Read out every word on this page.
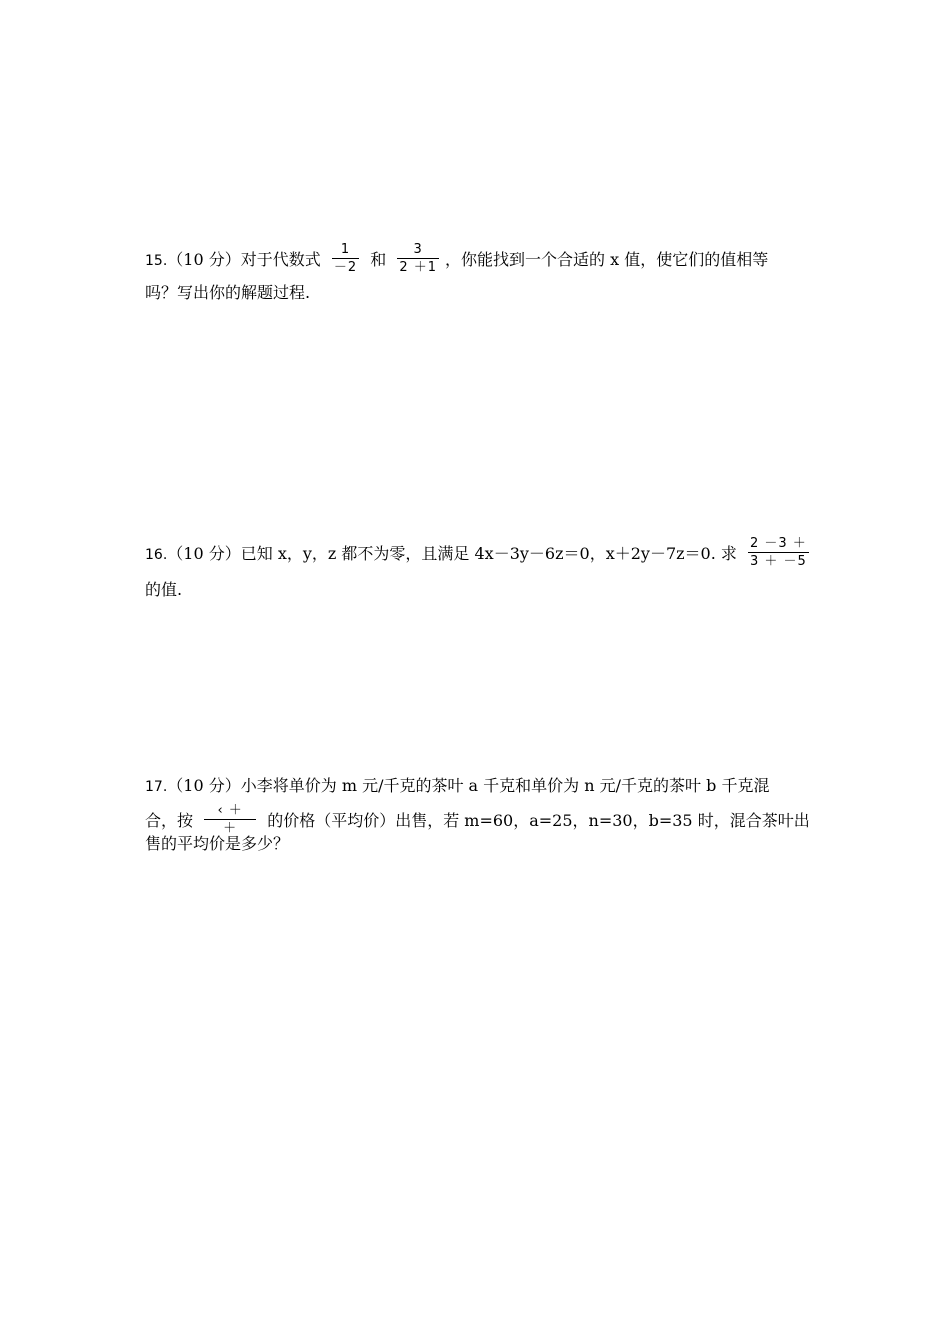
15.（10 分）对于代数式 $\frac{1}{-2}$ 和 $\frac{3}{2 +1}$ ，你能找到一个合适的 x 值，使它们的值相等
吗？写出你的解题过程.
16.（10 分）已知 x，y，z 都不为零，且满足 4x－3y－6z＝0，x＋2y－7z＝0. 求 $\frac{2 -3 +}{3 + -5}$
的值.
17.（10 分）小李将单价为 m 元/千克的茶叶 a 千克和单价为 n 元/千克的茶叶 b 千克混
合，按 $\frac{‹ +}{+}$ 的价格（平均价）出售，若 m=60，a=25，n=30，b=35 时，混合茶叶出
售的平均价是多少？
